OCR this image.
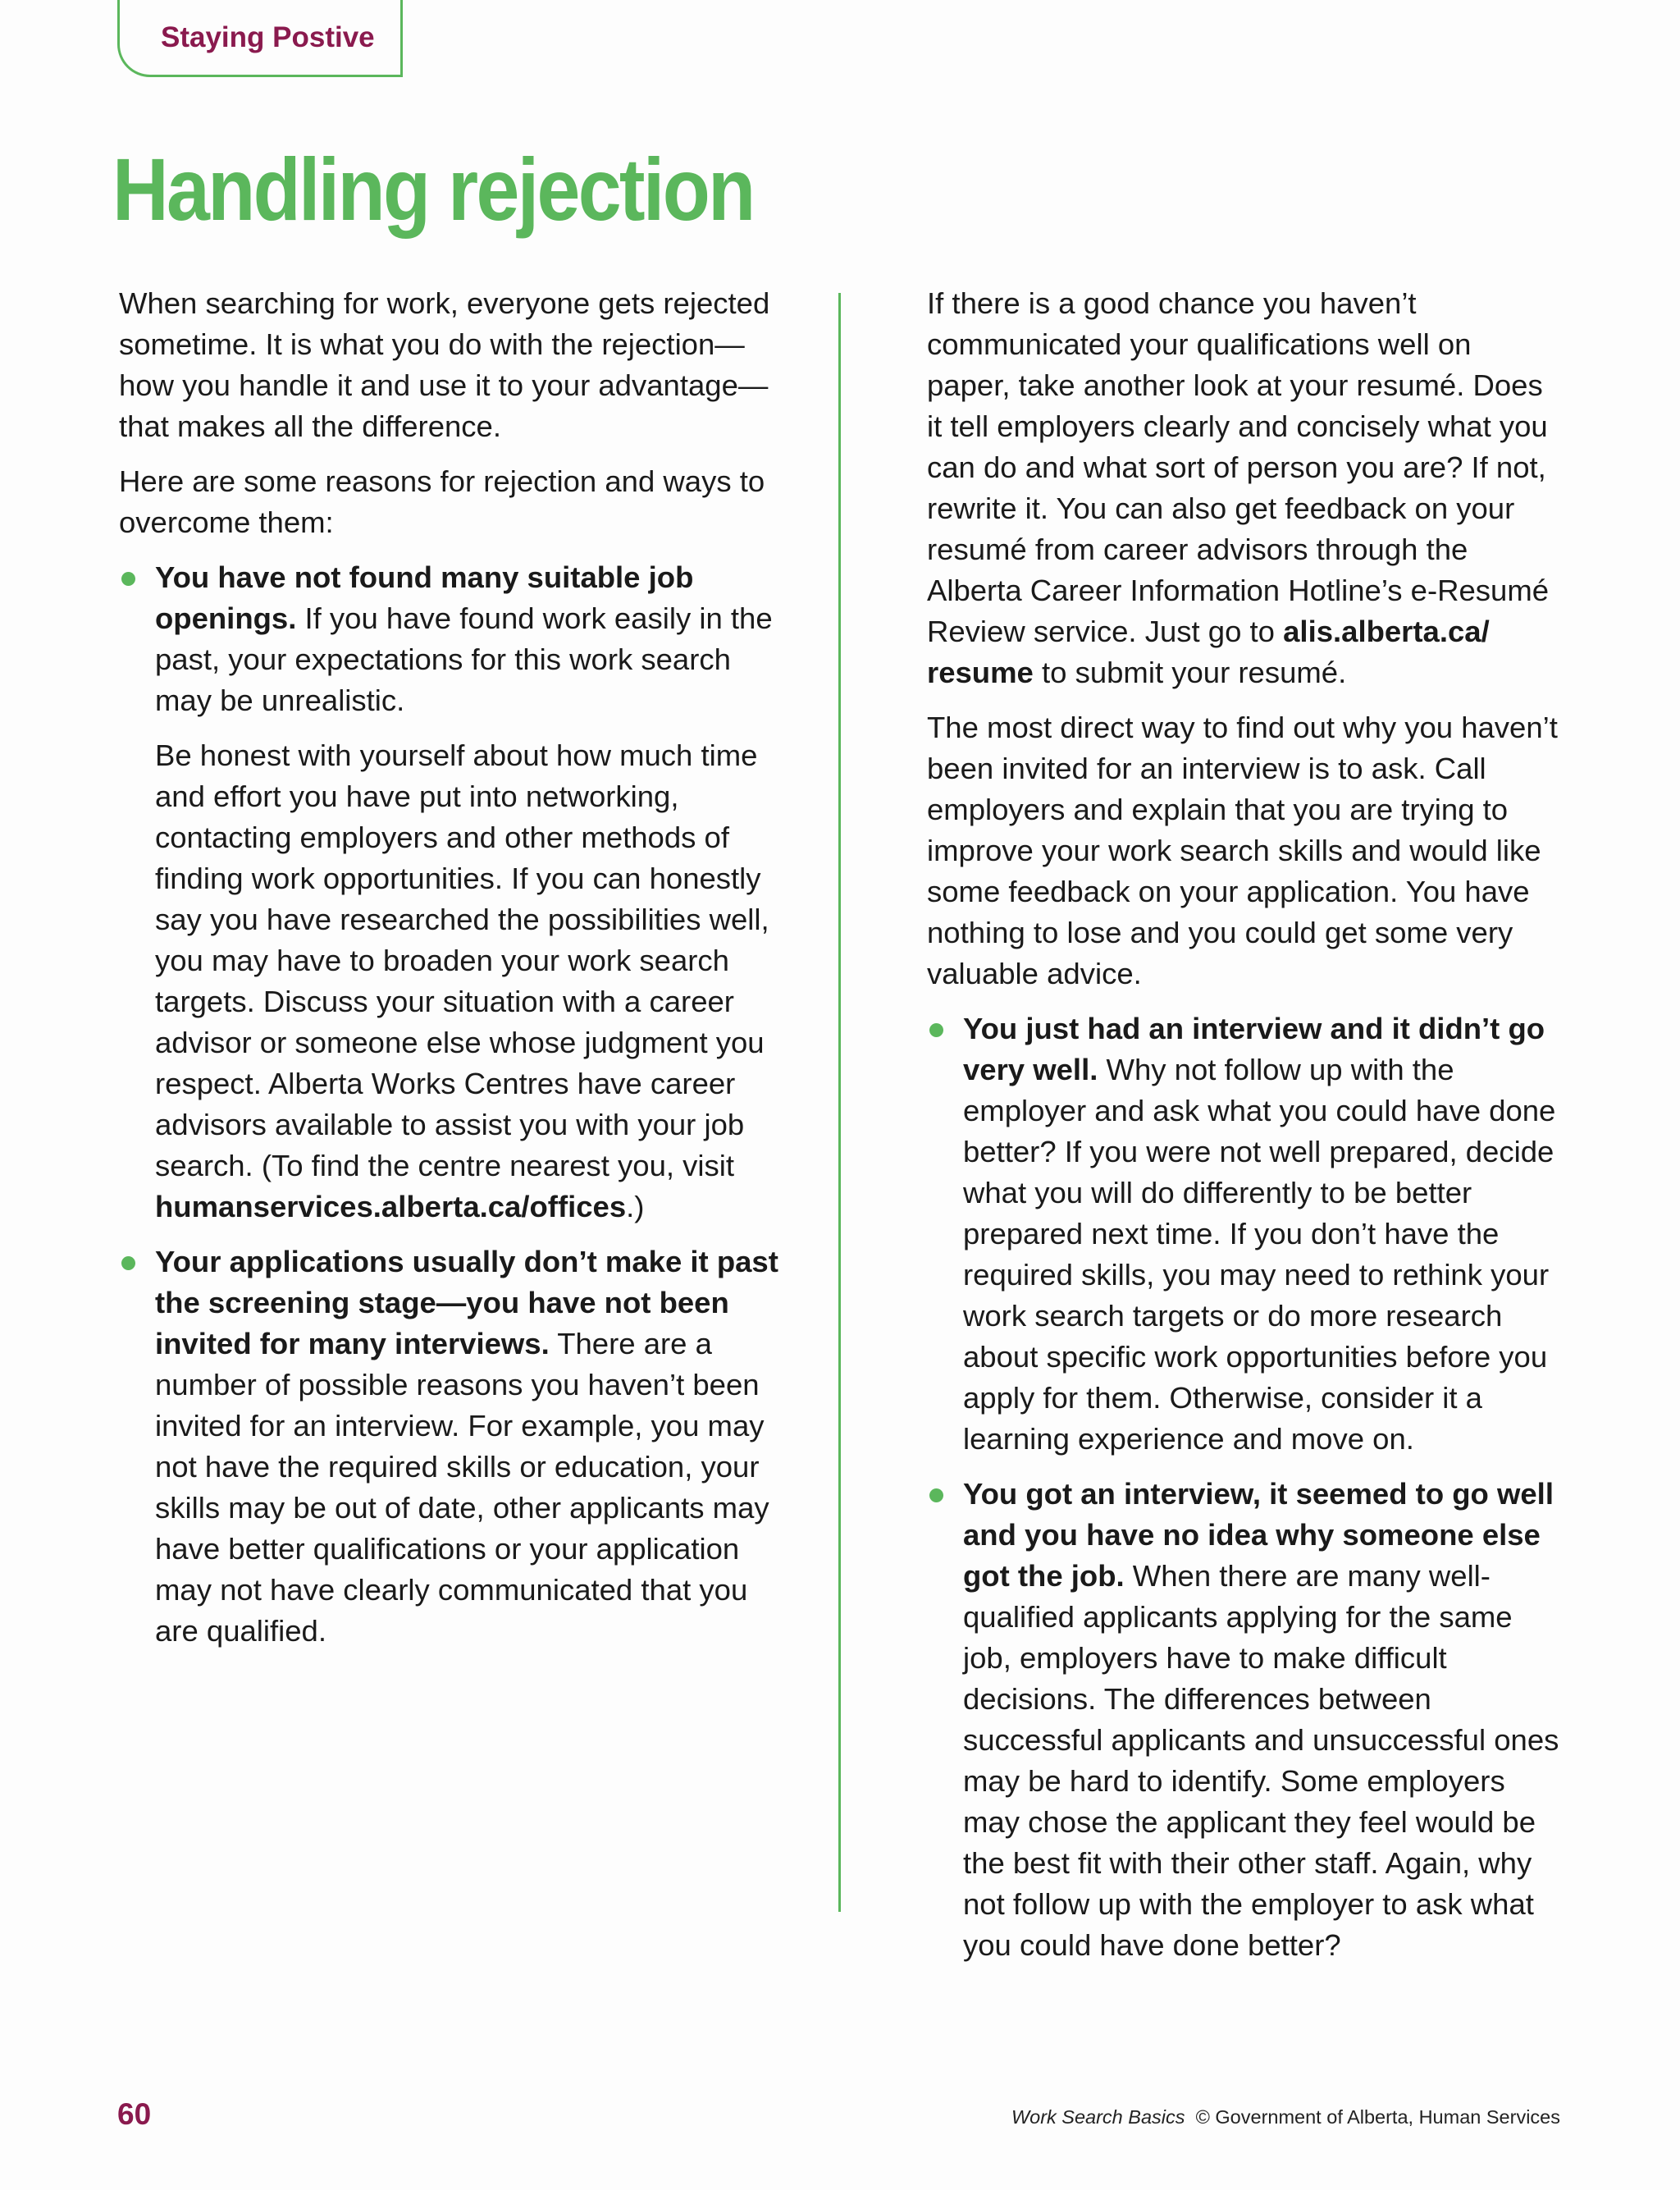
Staying Postive
Handling rejection

When searching for work, everyone gets rejected sometime. It is what you do with the rejection—how you handle it and use it to your advantage—that makes all the difference.

Here are some reasons for rejection and ways to overcome them:

You have not found many suitable job openings. If you have found work easily in the past, your expectations for this work search may be unrealistic.

Be honest with yourself about how much time and effort you have put into networking, contacting employers and other methods of finding work opportunities. If you can honestly say you have researched the possibilities well, you may have to broaden your work search targets. Discuss your situation with a career advisor or someone else whose judgment you respect. Alberta Works Centres have career advisors available to assist you with your job search. (To find the centre nearest you, visit humanservices.alberta.ca/offices.)

Your applications usually don’t make it past the screening stage—you have not been invited for many interviews. There are a number of possible reasons you haven’t been invited for an interview. For example, you may not have the required skills or education, your skills may be out of date, other applicants may have better qualifications or your application may not have clearly communicated that you are qualified.

If there is a good chance you haven’t communicated your qualifications well on paper, take another look at your resumé. Does it tell employers clearly and concisely what you can do and what sort of person you are? If not, rewrite it. You can also get feedback on your resumé from career advisors through the Alberta Career Information Hotline’s e-Resumé Review service. Just go to alis.alberta.ca/ resume to submit your resumé.

The most direct way to find out why you haven’t been invited for an interview is to ask. Call employers and explain that you are trying to improve your work search skills and would like some feedback on your application. You have nothing to lose and you could get some very valuable advice.

You just had an interview and it didn’t go very well. Why not follow up with the employer and ask what you could have done better? If you were not well prepared, decide what you will do differently to be better prepared next time. If you don’t have the required skills, you may need to rethink your work search targets or do more research about specific work opportunities before you apply for them. Otherwise, consider it a learning experience and move on.
You got an interview, it seemed to go well and you have no idea why someone else got the job. When there are many well-qualified applicants applying for the same job, employers have to make difficult decisions. The differences between successful applicants and unsuccessful ones may be hard to identify. Some employers may chose the applicant they feel would be the best fit with their other staff. Again, why not follow up with the employer to ask what you could have done better?
60	Work Search Basics © Government of Alberta, Human Services
